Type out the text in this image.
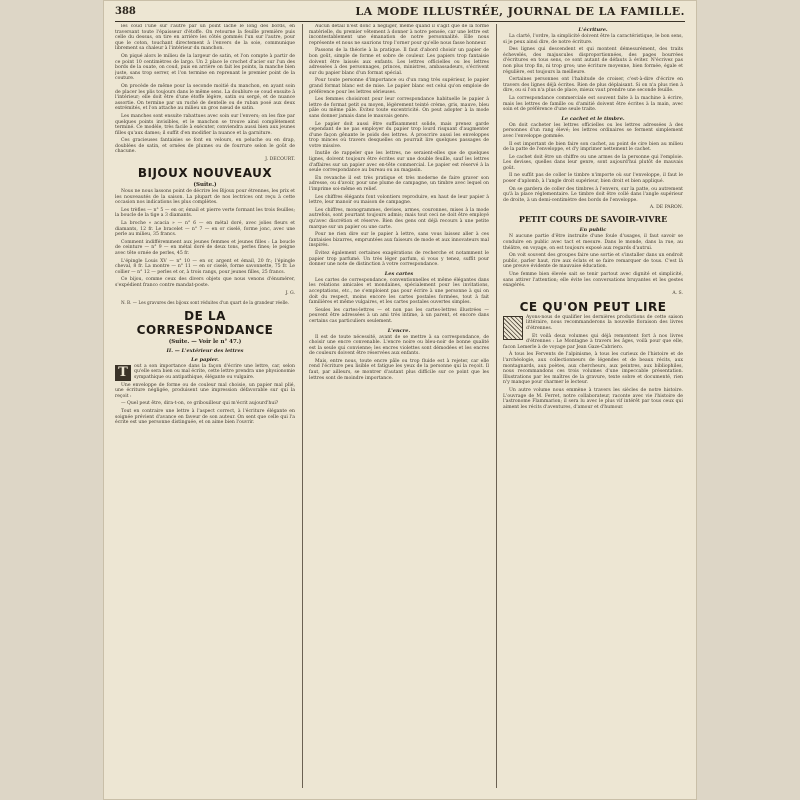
388	LA MODE ILLUSTRÉE, JOURNAL DE LA FAMILLE.

les coud l'une sur l'autre par un point lâche le long des bords, en traversant toute l'épaisseur d'étoffe. On retourne la feuille première puis celle du dessus, on tire en arrière les côtés gommés l'un sur l'autre, pour que le coton, touchant directement à l'envers de la soie, communique librement sa chaleur à l'intérieur du manchon.

On piqué alors le milieu de la largeur de satin, et l'on compte à partir de ce point 10 centimètres de largo. Un 2 place le crochet d'acier sur l'un des bords de la ouate, on coud, puis en arrière on fait les points, la manche bien juste, sans trop serrer, et l'on termine en reprenant le premier point de la couture.

On procède de même pour la seconde moitié du manchon, en ayant soin de placer les plis toujours dans le même sens. La doublure se coud ensuite à l'intérieur; elle doit être d'une étoffe légère, satin ou sergé, et de nuance assortie. On termine par un ruché de dentelle ou de ruban posé aux deux extrémités, et l'on attache au milieu un gros nœud de satin.

Les manches sont ensuite rabattues avec soin sur l'envers; on les fixe par quelques points invisibles, et le manchon se trouve ainsi complètement terminé. Ce modèle, très facile à exécuter, conviendra aussi bien aux jeunes filles qu'aux dames; il suffit d'en modifier la nuance et la garniture.

Ces gracieuses fantaisies se font en velours, en peluche ou en drap, doublées de satin, et ornées de plumes ou de fourrure selon le goût de chacune.

J. DECOURT.

BIJOUX NOUVEAUX
(Suite.)

Nous ne nous lassons point de décrire les Bijoux pour étrennes, les prix et les nouveautés de la saison. La plupart de nos lectrices ont reçu à cette occasion nos indications les plus complètes.

Les trèfles — n° 5 — en or, émail et pierre verte formant les trois feuilles; la boucle de la tige a 3 diamants.

La broche « acacia » — n° 6 — en métal doré, avec jolies fleurs et diamants, 12 fr. Le bracelet — n° 7 — en or ciselé, forme jonc, avec une perle au milieu, 35 francs.

Comment indifféremment aux jeunes femmes et jeunes filles : La boucle de ceinture — n° 9 — en métal doré de deux tons, perles fines; le peigne avec tête ornée de perles, 45 fr.

L'épingle Louis XV — n° 10 — en or, argent et émail, 20 fr.; l'épingle cheval, 8 fr. La montre — n° 11 — en or ciselé, forme savonnette, 75 fr. Le collier — n° 12 — perles et or, à trois rangs, pour jeunes filles, 25 francs.

Ce bijou, comme ceux des divers objets que nous venons d'énumérer, s'expédient franco contre mandat-poste.

J. G.

N. B. — Les gravures des bijoux sont réduites d'un quart de la grandeur réelle.

DE LA CORRESPONDANCE
(Suite. — Voir le n° 47.)
II. — L'extérieur des lettres
Le papier.

T	out a son importance dans la façon d'écrire une lettre, car, selon qu'elle sera bien ou mal écrite, cette lettre prendra une physionomie sympathique ou antipathique, élégante ou vulgaire.

Une enveloppe de forme ou de couleur mal choisie, un papier mal plié, une écriture négligée, produisent une impression défavorable sur qui la reçoit :

— Quel peut être, dira-t-on, ce gribouilleur qui m'écrit aujourd'hui?

Tout en contraire une lettre à l'aspect correct, à l'écriture élégante en soignée prévient d'avance en faveur de son auteur. On sent que celle qui l'a écrite est une personne distinguée, et on aime bien l'ouvrir.

Aucun détail n'est donc à négliger, même quand il s'agit que de la forme matérielle, du premier vêtement à donner à notre pensée, car une lettre est incontestablement une émanation de notre personnalité. Elle nous représente et nous ne saurions trop l'orner pour qu'elle nous fasse honneur.

Passons de la théorie à la pratique. Il faut d'abord choisir un papier de bon goût, simple de forme et sobre de couleur. Les papiers trop fantaisie doivent être laissés aux enfants. Les lettres officielles ou les lettres adressées à des personnages, princes, ministres, ambassadeurs, s'écrivent sur du papier blanc d'un format spécial.

Pour toute personne d'importance ou d'un rang très supérieur, le papier grand format blanc est de mise. Le papier blanc est celui qu'on emploie de préférence pour les lettres sérieuses.

Les femmes choisiront pour leur correspondance habituelle le papier à lettre de format petit ou moyen, légèrement teinté crème, gris, mauve, bleu pâle ou même pâle. Évitez toute excentricité. On peut adopter à la mode sans donner jamais dans le mauvais genre.

Le papier doit aussi être suffisamment solide, mais prenez garde cependant de ne pas employer du papier trop lourd risquant d'augmenter d'une façon gênante le poids des lettres. À proscrire aussi les enveloppes trop minces où travers desquelles on pourrait lire quelques passages de votre missive.

Inutile de rappeler que les lettres, ne seraient-elles que de quelques lignes, doivent toujours être écrites sur une double feuille, sauf les lettres d'affaires sur un papier avec en-tête commercial. Le papier est réservé à la seule correspondance au bureau ou au magasin.

En revanche il est très pratique et très moderne de faire graver son adresse, ou d'avoir, pour une plume de campagne, un timbre avec lequel on l'imprime soi-même en relief.

Les chiffres élégants font volontiers reproduire, en haut de leur papier à lettre, leur manoir ou maison de campagne.

Les chiffres, monogrammes, devises, armes, couronnes, mises à la mode autrefois, sont pourtant toujours admis; mais tout ceci ne doit être employé qu'avec discrétion et réserve. Bien des gens ont déjà recours à une petite marque sur un papier ou une carte.

Pour ne rien dire sur le papier à lettre, sans vous laissez aller à ces fantaisies bizarres, empruntées aux faiseurs de mode et aux innovateurs mal inspirés.

Évitez également certaines exagérations de recherche et notamment le papier trop parfumé. Un très léger parfum, si vous y tenez, suffit pour donner une note de distinction à votre correspondance.

Les cartes

Les cartes de correspondance, conventionnelles et même élégantes dans les relations amicales et mondaines, spécialement pour les invitations, acceptations, etc., ne s'emploient pas pour écrire à une personne à qui on doit du respect, moins encore les cartes postales formées, tout à fait familières et même vulgaires, et les cartes postales ouvertes simples.

Seules les cartes-lettres — et non pas les cartes-lettres illustrées — peuvent être adressées à un ami très intime, à un parent, et encore dans certains cas particuliers seulement.

L'encre.

Il est de toute nécessité, avant de se mettre à sa correspondance, de choisir une encre convenable. L'encre noire ou bleu-noir de bonne qualité est la seule qui convienne; les encres violettes sont démodées et les encres de couleurs doivent être réservées aux enfants.

Mais, entre nous, toute encre pâle ou trop fluide est à rejeter, car elle rend l'écriture peu lisible et fatigue les yeux de la personne qui la reçoit. Il faut, par ailleurs, se montrer d'autant plus difficile sur ce point que les lettres sont de moindre importance.

L'écriture.

La clarté, l'ordre, la simplicité doivent être la caractéristique, le bon sens, si je peux ainsi dire, de notre écriture.

Des lignes qui descendent et qui montent démesurément, des traits échevelés, des majuscules disproportionnées, des pages bourrées d'écritures en tous sens, ce sont autant de défauts à éviter. N'écrivez pas non plus trop fin, ni trop gros; une écriture moyenne, bien formée, égale et régulière, est toujours la meilleure.

Certaines personnes ont l'habitude de croiser, c'est-à-dire d'écrire en travers des lignes déjà écrites. Rien de plus déplaisant. Si on n'a plus rien à dire, ou si l'on n'a plus de place, mieux vaut prendre une seconde feuille.

La correspondance commerciale est souvent faite à la machine à écrire, mais les lettres de famille ou d'amitié doivent être écrites à la main, avec soin et de préférence d'une seule traite.

Le cachet et le timbre.

On doit cacheter les lettres officielles ou les lettres adressées à des personnes d'un rang élevé; les lettres ordinaires se ferment simplement avec l'enveloppe gommée.

Il est important de bien faire son cachet, au point de cire bien au milieu de la patte de l'enveloppe, et d'y imprimer nettement le cachet.

Le cachet doit être un chiffre ou une armes de la personne qui l'emploie. Les devises, quelles dans leur genre, sont aujourd'hui plutôt de mauvais goût.

Il ne suffit pas de coller le timbre n'importe où sur l'enveloppe, il faut le poser d'aplomb, à l'angle droit supérieur, bien droit et bien appliqué.

On se gardera de coller des timbres à l'envers, sur la patte, ou autrement qu'à la place réglementaire. Le timbre doit être collé dans l'angle supérieur de droite, à un demi-centimètre des bords de l'enveloppe.

A. DE PARON.

PETIT COURS DE SAVOIR-VIVRE
En public

N aucune partie d'être instruite d'une foule d'usages, il faut savoir se conduire en public avec tact et mesure. Dans le monde, dans la rue, au théâtre, en voyage, on est toujours exposé aux regards d'autrui.

On voit souvent des groupes faire une sortie et s'installer dans un endroit public, parler haut, rire aux éclats et se faire remarquer de tous. C'est là une preuve évidente de mauvaise éducation.

Une femme bien élevée sait se tenir partout avec dignité et simplicité, sans attirer l'attention; elle évite les conversations bruyantes et les gestes exagérés.

A. S.

CE QU'ON PEUT LIRE

Ayons-nous de qualifier les dernières productions de cette saison littéraire, nous recommanderons la nouvelle floraison des livres d'étrennes.

Et voilà deux volumes qui déjà remontent fort à nos livres d'étrennes : Le Montagne à travers les âges, voilà pour que elle, facon Lemerle à de voyage par Jean Gaze-Cabriero.

À tous les Fervents de l'alpinisme, à tous les curieux de l'histoire et de l'archéologie, aux collectionneurs de légendes et de beaux récits, aux montagnards, aux poètes, aux chercheurs, aux peintres, aux bibliophiles, nous recommandons ces trois volumes d'une impeccable présentation. Illustrations par les maîtres de la gravure, texte sobre et documenté, rien n'y manque pour charmer le lecteur.

Un autre volume nous emmène à travers les siècles de notre histoire. L'ouvrage de M. Ferret, notre collaborateur, raconte avec vie l'histoire de l'astronome Flammarion; il sera lu avec le plus vif intérêt par tous ceux qui aiment les récits d'aventures, d'amour et d'humour.
